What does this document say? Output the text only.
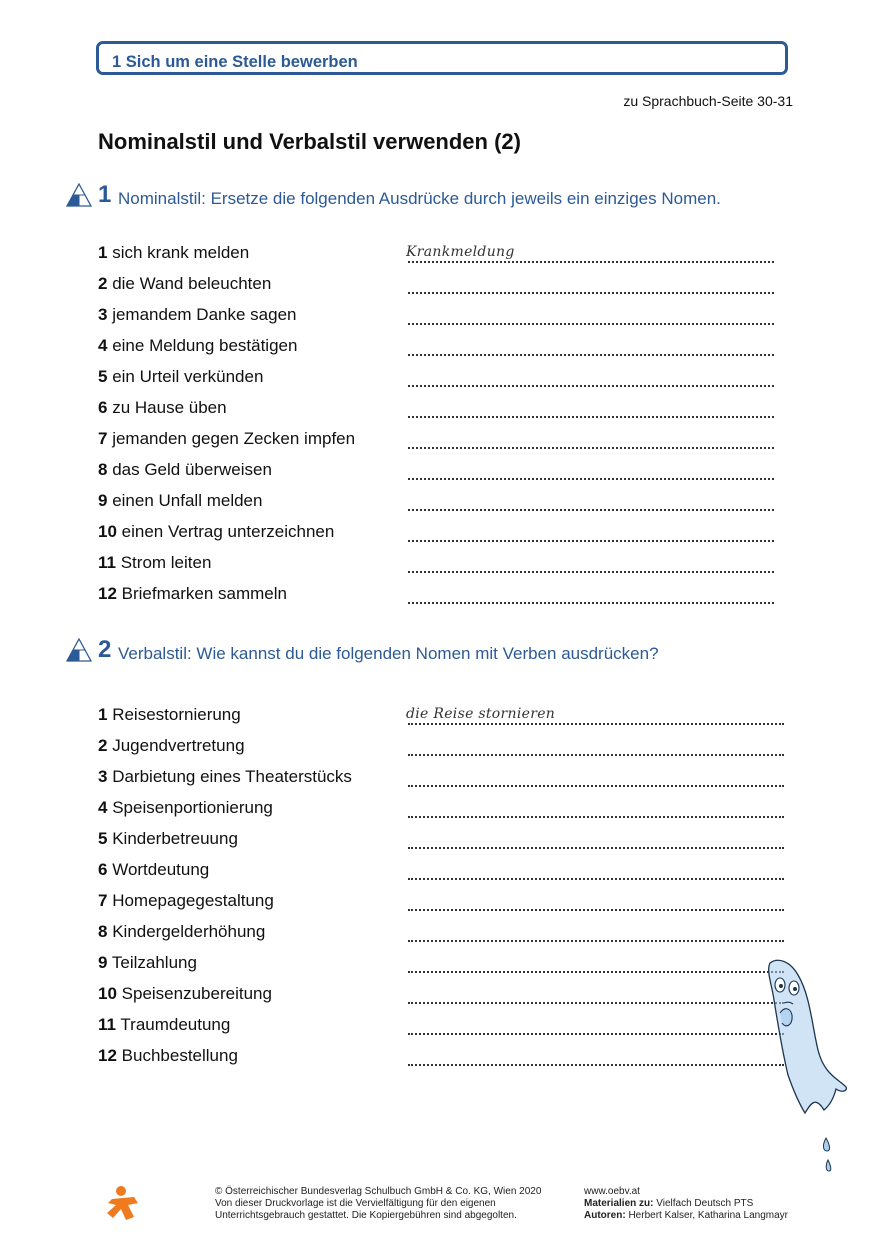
1 Sich um eine Stelle bewerben
zu Sprachbuch-Seite 30-31
Nominalstil und Verbalstil verwenden (2)
1 Nominalstil: Ersetze die folgenden Ausdrücke durch jeweils ein einziges Nomen.
1 sich krank melden	Krankmeldung
2 die Wand beleuchten
3 jemandem Danke sagen
4 eine Meldung bestätigen
5 ein Urteil verkünden
6 zu Hause üben
7 jemanden gegen Zecken impfen
8 das Geld überweisen
9 einen Unfall melden
10 einen Vertrag unterzeichnen
11 Strom leiten
12 Briefmarken sammeln
2 Verbalstil: Wie kannst du die folgenden Nomen mit Verben ausdrücken?
1 Reisestornierung	die Reise stornieren
2 Jugendvertretung
3 Darbietung eines Theaterstücks
4 Speisenportionierung
5 Kinderbetreuung
6 Wortdeutung
7 Homepagegestaltung
8 Kindergelderhöhung
9 Teilzahlung
10 Speisenzubereitung
11 Traumdeutung
12 Buchbestellung
© Österreichischer Bundesverlag Schulbuch GmbH & Co. KG, Wien 2020
Von dieser Druckvorlage ist die Vervielfältigung für den eigenen
Unterrichtsgebrauch gestattet. Die Kopiergebühren sind abgegolten.
www.oebv.at
Materialien zu: Vielfach Deutsch PTS
Autoren: Herbert Kalser, Katharina Langmayr
